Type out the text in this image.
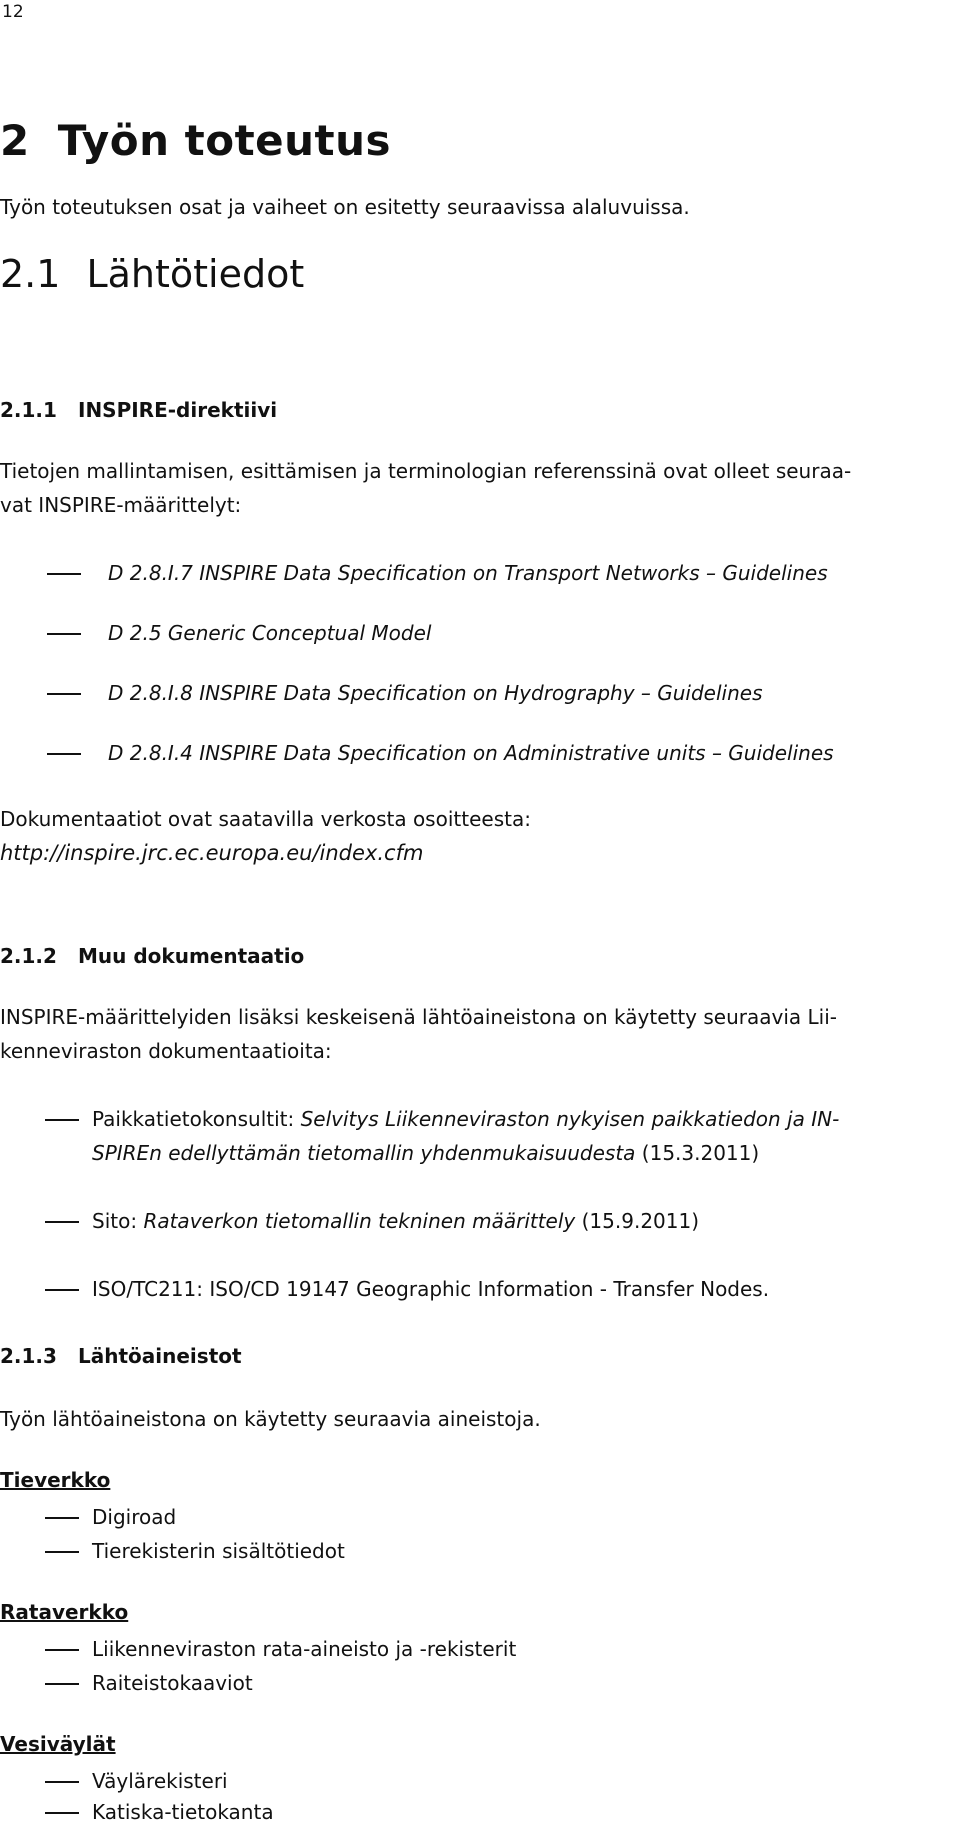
12
2 Työn toteutus
Työn toteutuksen osat ja vaiheet on esitetty seuraavissa alaluvuissa.
2.1 Lähtötiedot
2.1.1 INSPIRE-direktiivi
Tietojen mallintamisen, esittämisen ja terminologian referenssinä ovat olleet seuraa-
vat INSPIRE-määrittelyt:
D 2.8.I.7 INSPIRE Data Specification on Transport Networks – Guidelines
D 2.5 Generic Conceptual Model
D 2.8.I.8 INSPIRE Data Specification on Hydrography – Guidelines
D 2.8.I.4 INSPIRE Data Specification on Administrative units – Guidelines
Dokumentaatiot ovat saatavilla verkosta osoitteesta:
http://inspire.jrc.ec.europa.eu/index.cfm
2.1.2 Muu dokumentaatio
INSPIRE-määrittelyiden lisäksi keskeisenä lähtöaineistona on käytetty seuraavia Lii-
kenneviraston dokumentaatioita:
Paikkatietokonsultit: Selvitys Liikenneviraston nykyisen paikkatiedon ja IN-
SPIREn edellyttämän tietomallin yhdenmukaisuudesta (15.3.2011)
Sito: Rataverkon tietomallin tekninen määrittely (15.9.2011)
ISO/TC211: ISO/CD 19147 Geographic Information - Transfer Nodes.
2.1.3 Lähtöaineistot
Työn lähtöaineistona on käytetty seuraavia aineistoja.
Tieverkko
Digiroad
Tierekisterin sisältötiedot
Rataverkko
Liikenneviraston rata-aineisto ja -rekisterit
Raiteistokaaviot
Vesiväylät
Väylärekisteri
Katiska-tietokanta
